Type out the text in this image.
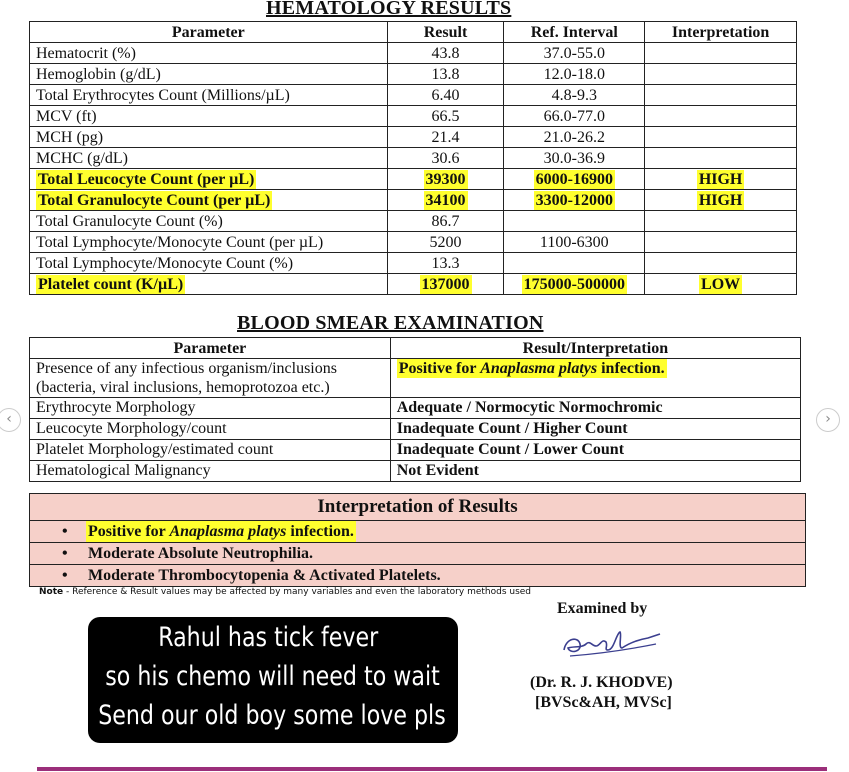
HEMATOLOGY RESULTS
Parameter	Result	Ref. Interval	Interpretation
Hematocrit (%)	43.8	37.0-55.0	
Hemoglobin (g/dL)	13.8	12.0-18.0	
Total Erythrocytes Count (Millions/µL)	6.40	4.8-9.3	
MCV (ft)	66.5	66.0-77.0	
MCH (pg)	21.4	21.0-26.2	
MCHC (g/dL)	30.6	30.0-36.9	
Total Leucocyte Count (per µL)	39300	6000-16900	HIGH
Total Granulocyte Count (per µL)	34100	3300-12000	HIGH
Total Granulocyte Count (%)	86.7		
Total Lymphocyte/Monocyte Count (per µL)	5200	1100-6300	
Total Lymphocyte/Monocyte Count (%)	13.3		
Platelet count (K/µL)	137000	175000-500000	LOW
BLOOD SMEAR EXAMINATION
Parameter	Result/Interpretation

Presence of any infectious organism/inclusions
(bacteria, viral inclusions, hemoprotozoa etc.)	Positive for Anaplasma platys infection.

Erythrocyte Morphology	Adequate / Normocytic Normochromic

Leucocyte Morphology/count	Inadequate Count / Higher Count

Platelet Morphology/estimated count	Inadequate Count / Lower Count

Hematological Malignancy	Not Evident
Interpretation of Results
• Positive for Anaplasma platys infection.
• Moderate Absolute Neutrophilia.
• Moderate Thrombocytopenia & Activated Platelets.
Note - Reference & Result values may be affected by many variables and even the laboratory methods used
Examined by
(Dr. R. J. KHODVE)
[BVSc&AH, MVSc]
Rahul has tick fever
so his chemo will need to wait
Send our old boy some love pls
‹	›
